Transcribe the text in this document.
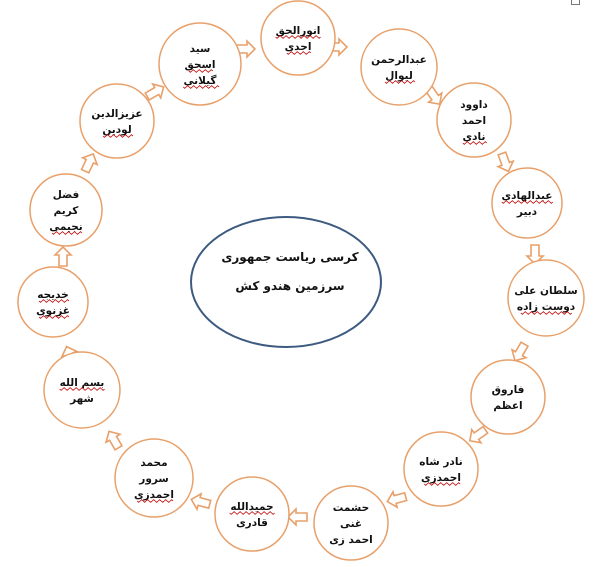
انورالحق
احدی
عبدالرحمن
لیوال
داوود
احمد
نادی
عبدالهادی
دبیر
سلطان علی
دوست زاده
فاروق
اعظم
نادر شاه
احمدزی
حشمت
غنی
احمد زی
حمیدالله
قادری
محمد
سرور
احمدزی
بسم الله
شهر
خدیجه
غزنوی
فضل
کریم
نجیمی
عزیزالدین
لودین
سید
اسحق
گیلانی
کرسی ریاست جمهوری
سرزمین هندو کش
